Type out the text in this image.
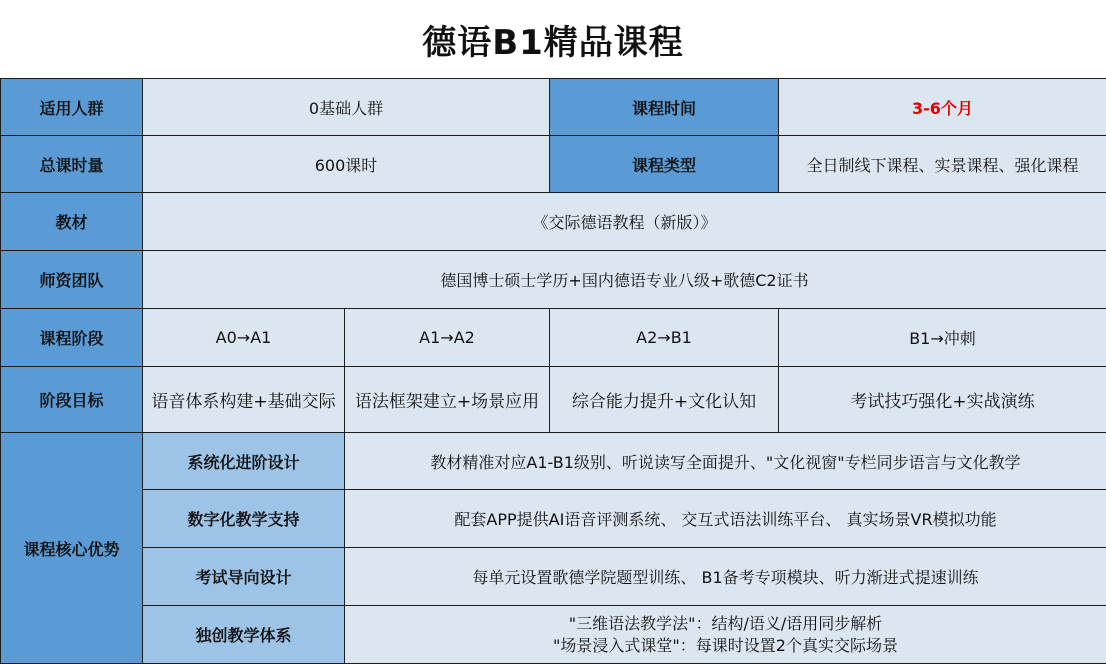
德语B1精品课程
适用人群	0基础人群		课程时间	3-6个月
总课时量	600课时		课程类型	全日制线下课程、实景课程、强化课程
教材	《交际德语教程（新版）》			
师资团队	德国博士硕士学历+国内德语专业八级+歌德C2证书			
课程阶段	A0→A1	A1→A2	A2→B1	B1→冲刺
阶段目标	语音体系构建+基础交际	语法框架建立+场景应用	综合能力提升+文化认知	考试技巧强化+实战演练
课程核心优势	系统化进阶设计	教材精准对应A1-B1级别、听说读写全面提升、"文化视窗"专栏同步语言与文化教学		
	数字化教学支持	配套APP提供AI语音评测系统、 交互式语法训练平台、 真实场景VR模拟功能		
	考试导向设计	每单元设置歌德学院题型训练、 B1备考专项模块、听力渐进式提速训练		
	独创教学体系	"三维语法教学法"：结构/语义/语用同步解析
"场景浸入式课堂"：每课时设置2个真实交际场景		
